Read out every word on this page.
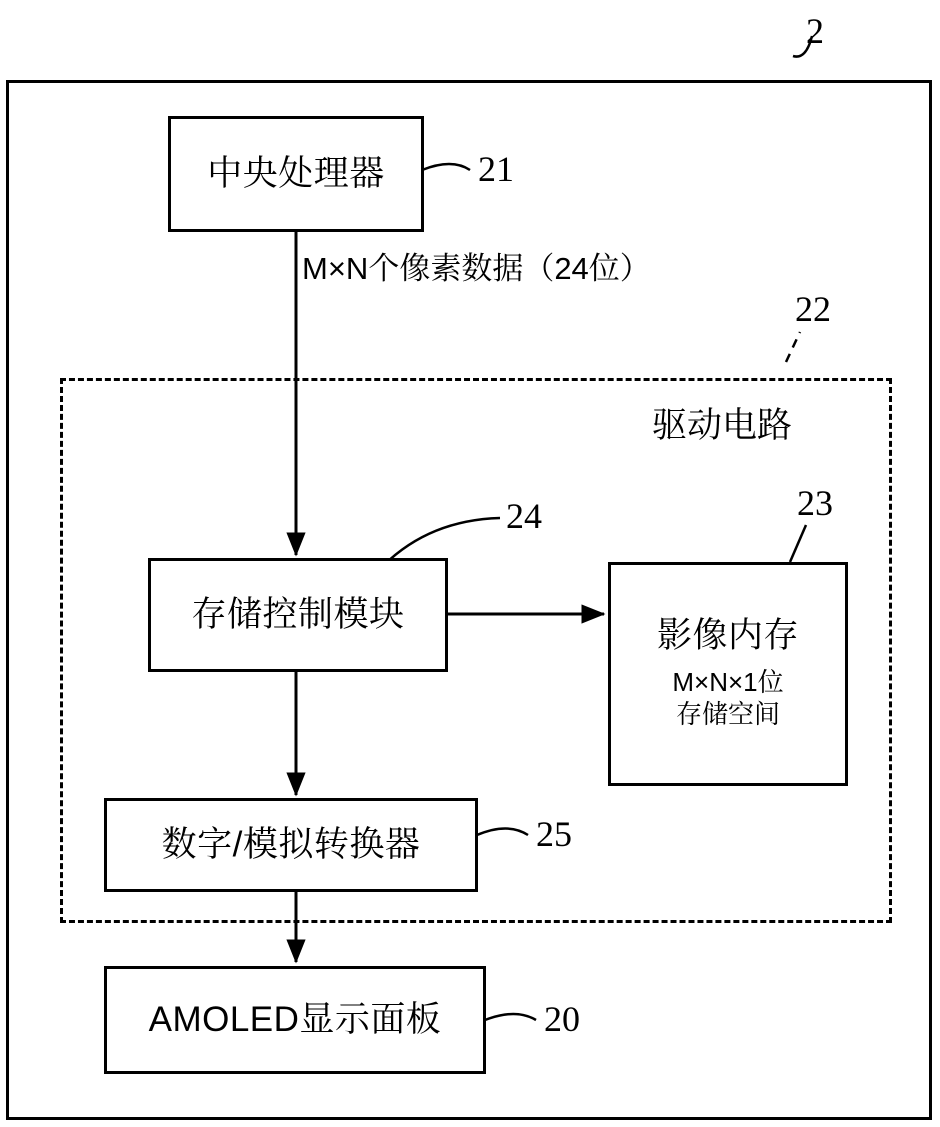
2
21
22
24	23
25
20
M×N个像素数据（24位）
驱动电路
中央处理器
存储控制模块
影像内存
M×N×1位
存储空间
数字/模拟转换器
AMOLED显示面板
